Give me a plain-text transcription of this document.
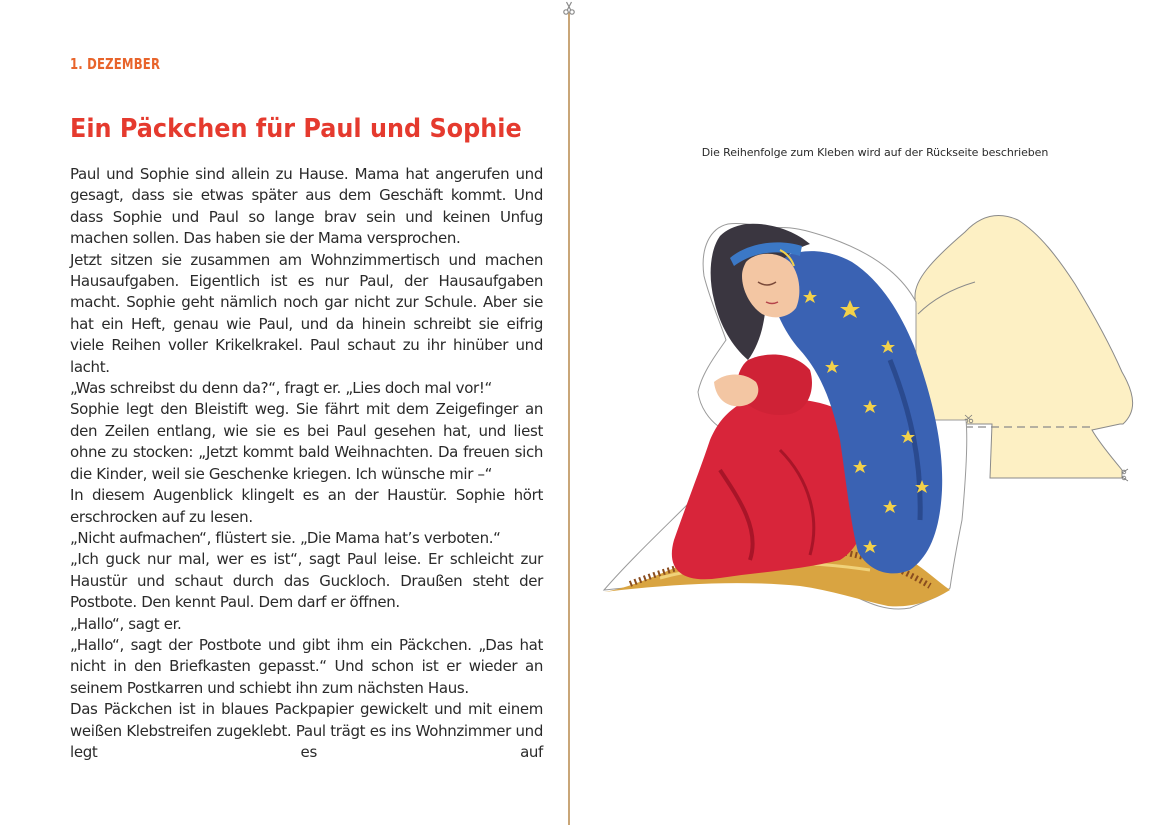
1. DEZEMBER
Ein Päckchen für Paul und Sophie

Paul und Sophie sind allein zu Hause. Mama hat angerufen und gesagt, dass sie etwas später aus dem Geschäft kommt. Und dass Sophie und Paul so lange brav sein und keinen Unfug machen sollen. Das haben sie der Mama versprochen.

Jetzt sitzen sie zusammen am Wohnzimmertisch und machen Hausaufgaben. Eigentlich ist es nur Paul, der Hausaufgaben macht. Sophie geht nämlich noch gar nicht zur Schule. Aber sie hat ein Heft, genau wie Paul, und da hinein schreibt sie eifrig viele Reihen voller Krikelkrakel. Paul schaut zu ihr hinüber und lacht.

„Was schreibst du denn da?“, fragt er. „Lies doch mal vor!“

Sophie legt den Bleistift weg. Sie fährt mit dem Zeigefinger an den Zeilen entlang, wie sie es bei Paul gesehen hat, und liest ohne zu stocken: „Jetzt kommt bald Weihnachten. Da freuen sich die Kinder, weil sie Geschenke kriegen. Ich wünsche mir –“

In diesem Augenblick klingelt es an der Haustür. Sophie hört erschrocken auf zu lesen.

„Nicht aufmachen“, flüstert sie. „Die Mama hat’s verboten.“

„Ich guck nur mal, wer es ist“, sagt Paul leise. Er schleicht zur Haustür und schaut durch das Guckloch. Draußen steht der Postbote. Den kennt Paul. Dem darf er öffnen.

„Hallo“, sagt er.

„Hallo“, sagt der Postbote und gibt ihm ein Päckchen. „Das hat nicht in den Briefkasten gepasst.“ Und schon ist er wieder an seinem Postkarren und schiebt ihn zum nächsten Haus.

Das Päckchen ist in blaues Packpapier gewickelt und mit einem weißen Klebstreifen zugeklebt. Paul trägt es ins Wohnzimmer und legt es auf

Die Reihenfolge zum Kleben wird auf der Rückseite beschrieben
